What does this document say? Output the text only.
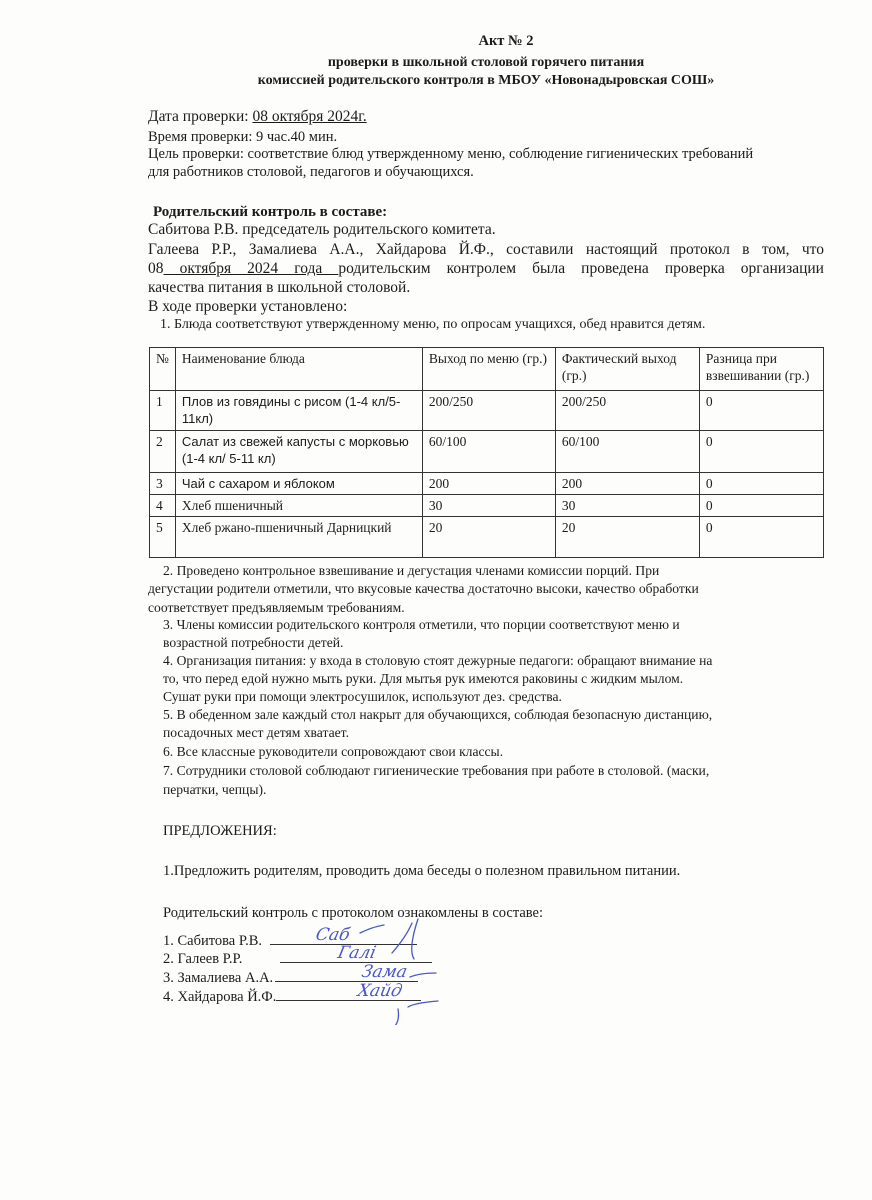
Акт № 2
проверки в школьной столовой горячего питания
комиссией родительского контроля в МБОУ «Новонадыровская СОШ»
Дата проверки: 08 октября 2024г.
Время проверки: 9 час.40 мин.
Цель проверки: соответствие блюд утвержденному меню, соблюдение гигиенических требований
для работников столовой, педагогов и обучающихся.
Родительский контроль в составе:
Сабитова Р.В. председатель родительского комитета.
Галеева Р.Р., Замалиева А.А., Хайдарова Й.Ф., составили настоящий протокол в том, что
08 октября 2024 года родительским контролем была проведена проверка организации
качества питания в школьной столовой.
В ходе проверки установлено:
1. Блюда соответствуют утвержденному меню, по опросам учащихся, обед нравится детям.
№	Наименование блюда	Выход по меню (гр.)	Фактический выход (гр.)	Разница при взвешивании (гр.)
1	Плов из говядины с рисом (1-4 кл/5-11кл)	200/250	200/250	0
2	Салат из свежей капусты с морковью (1-4 кл/ 5-11 кл)	60/100	60/100	0
3	Чай с сахаром и яблоком	200	200	0
4	Хлеб пшеничный	30	30	0
5	Хлеб ржано-пшеничный Дарницкий	20	20	0
2. Проведено контрольное взвешивание и дегустация членами комиссии порций. При
дегустации родители отметили, что вкусовые качества достаточно высоки, качество обработки
соответствует предъявляемым требованиям.
3. Члены комиссии родительского контроля отметили, что порции соответствуют меню и
возрастной потребности детей.
4. Организация питания: у входа в столовую стоят дежурные педагоги: обращают внимание на
то, что перед едой нужно мыть руки. Для мытья рук имеются раковины с жидким мылом.
Сушат руки при помощи электросушилок, используют дез. средства.
5. В обеденном зале каждый стол накрыт для обучающихся, соблюдая безопасную дистанцию,
посадочных мест детям хватает.
6. Все классные руководители сопровождают свои классы.
7. Сотрудники столовой соблюдают гигиенические требования при работе в столовой. (маски,
перчатки, чепцы).
ПРЕДЛОЖЕНИЯ:
1.Предложить родителям, проводить дома беседы о полезном правильном питании.
Родительский контроль с протоколом ознакомлены в составе:
1. Сабитова Р.В.
2. Галеев Р.Р.
3. Замалиева А.А.
4. Хайдарова Й.Ф.
Саб
Галі
Зама
Хайд
